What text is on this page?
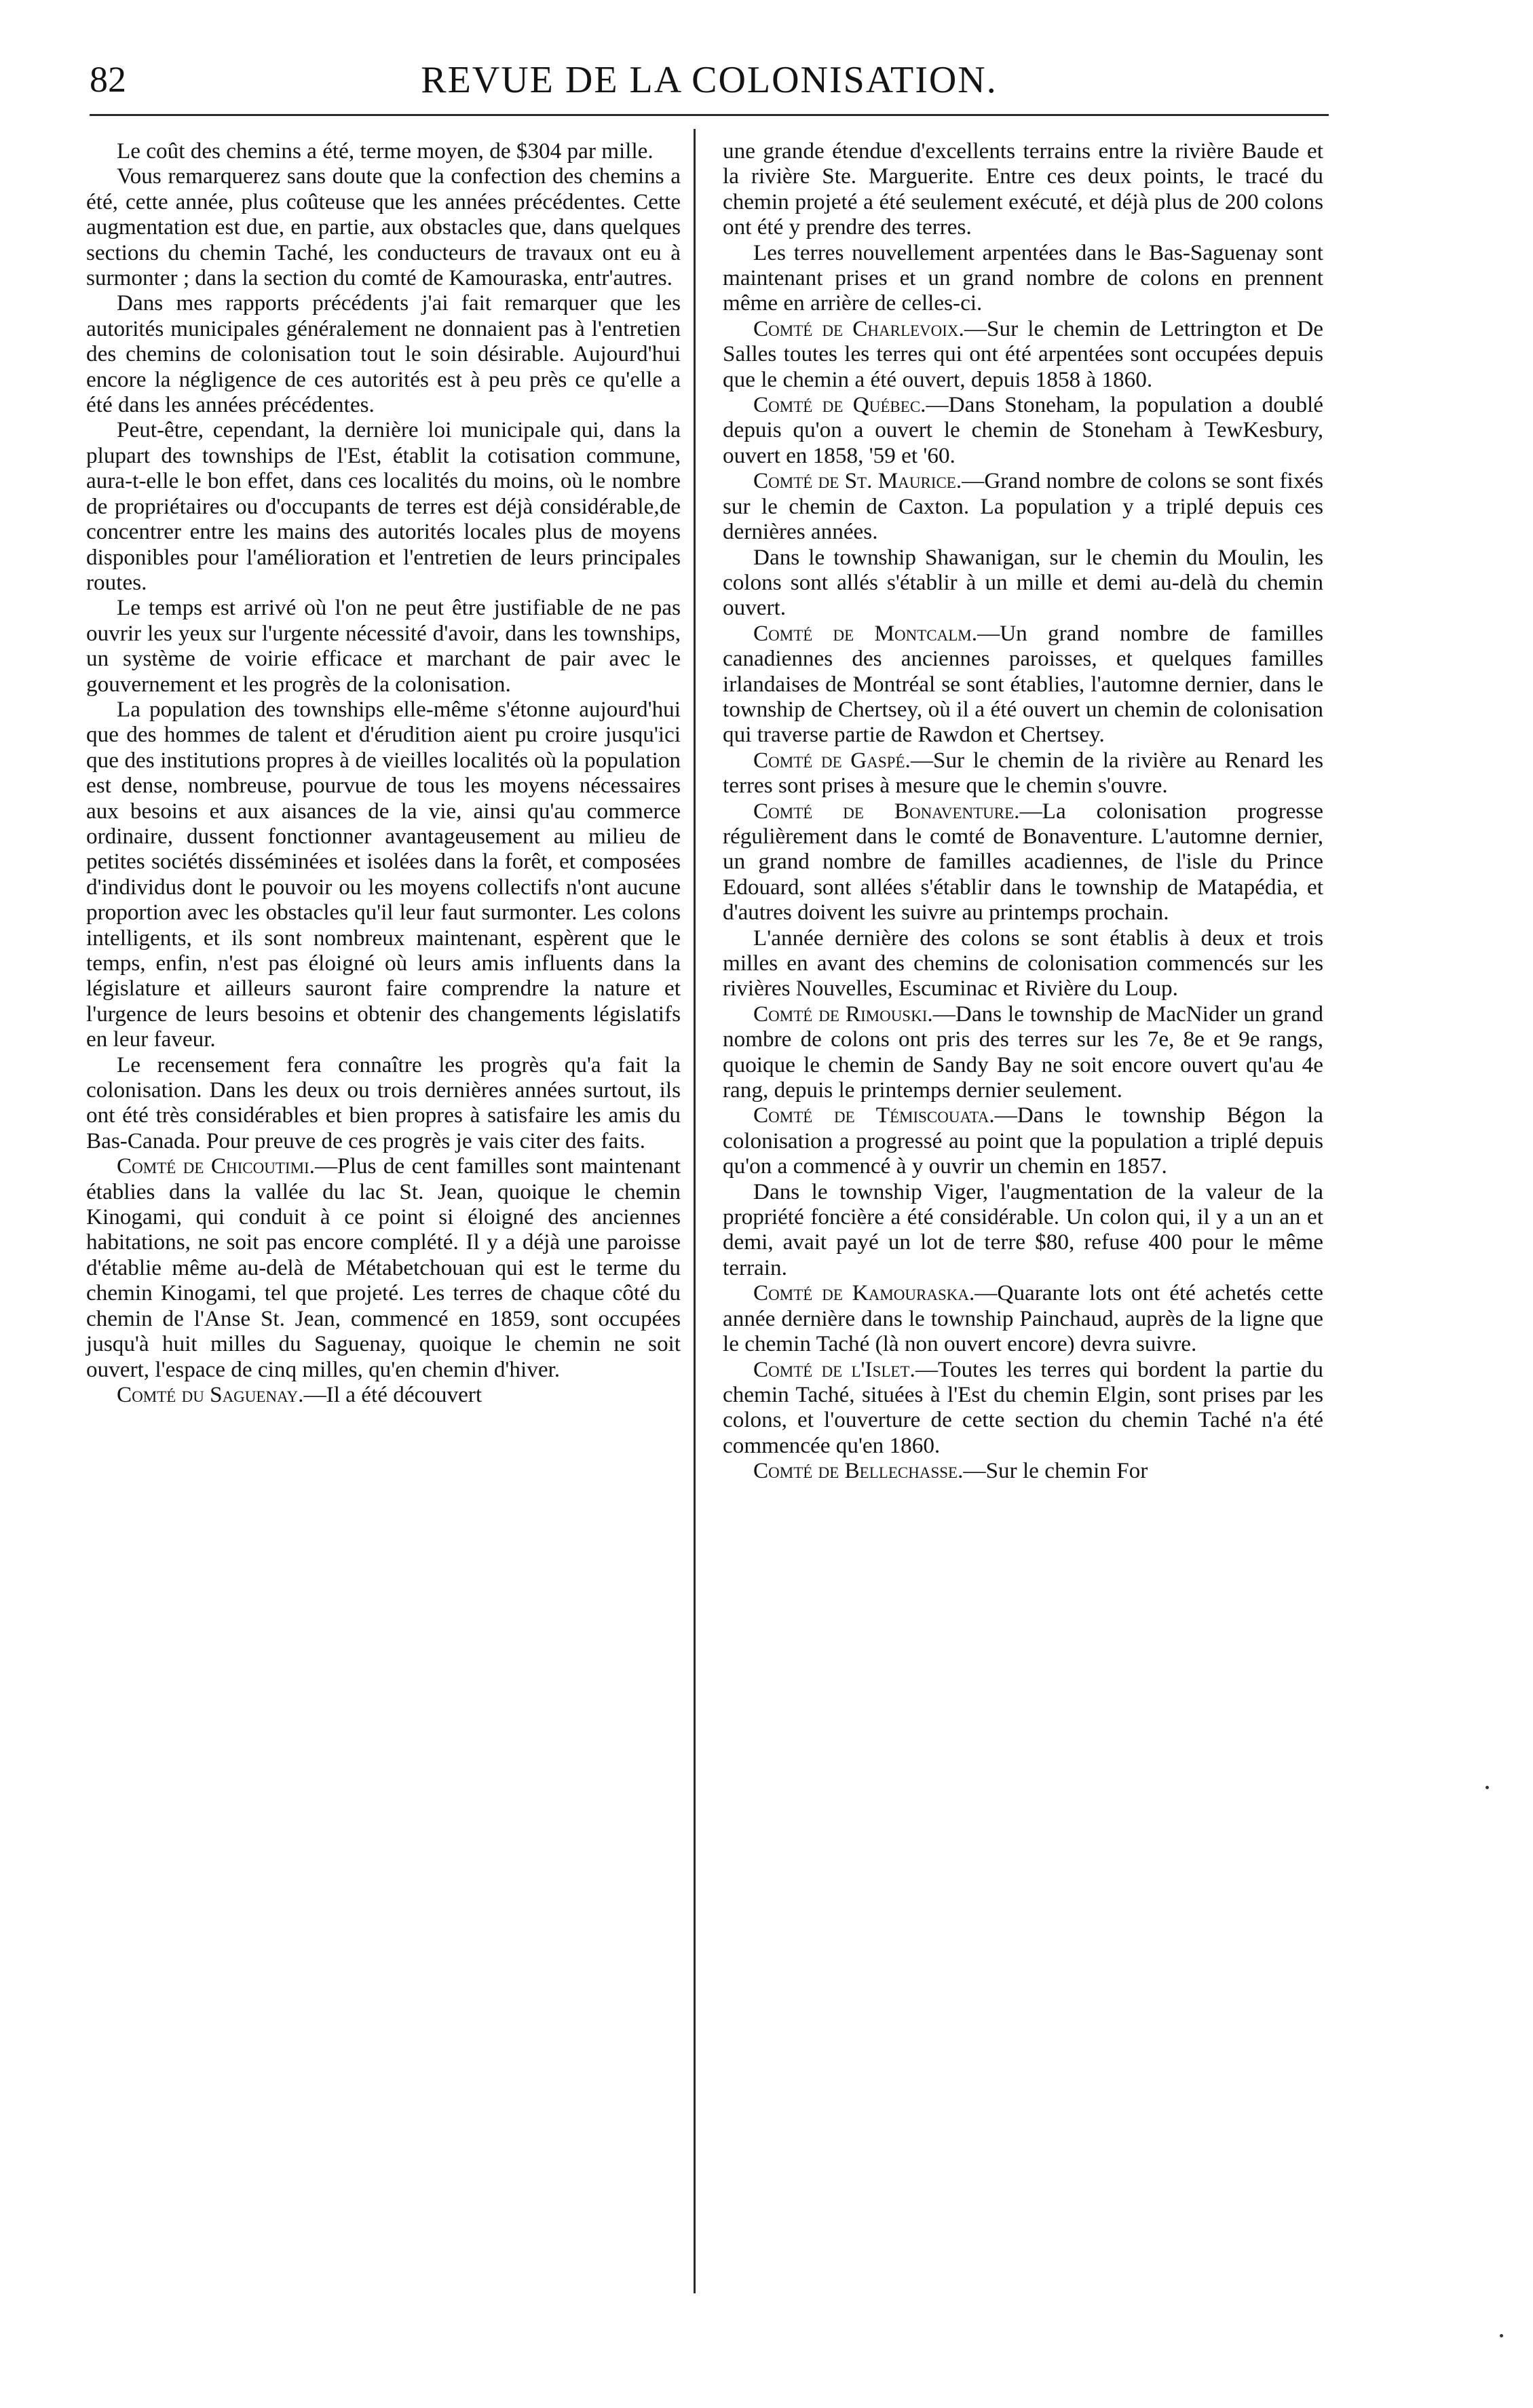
82	REVUE DE LA COLONISATION.

Le coût des chemins a été, terme moyen, de $304 par mille.

Vous remarquerez sans doute que la confection des chemins a été, cette année, plus coûteuse que les années précédentes. Cette augmentation est due, en partie, aux obstacles que, dans quelques sections du chemin Taché, les conducteurs de travaux ont eu à surmonter ; dans la section du comté de Kamouraska, entr'autres.

Dans mes rapports précédents j'ai fait remarquer que les autorités municipales généralement ne donnaient pas à l'entretien des chemins de colonisation tout le soin désirable. Aujourd'hui encore la négligence de ces autorités est à peu près ce qu'elle a été dans les années précédentes.

Peut-être, cependant, la dernière loi municipale qui, dans la plupart des townships de l'Est, établit la cotisation commune, aura-t-elle le bon effet, dans ces localités du moins, où le nombre de propriétaires ou d'occupants de terres est déjà considérable,de concentrer entre les mains des autorités locales plus de moyens disponibles pour l'amélioration et l'entretien de leurs principales routes.

Le temps est arrivé où l'on ne peut être justifiable de ne pas ouvrir les yeux sur l'urgente nécessité d'avoir, dans les townships, un système de voirie efficace et marchant de pair avec le gouvernement et les progrès de la colonisation.

La population des townships elle-même s'étonne aujourd'hui que des hommes de talent et d'érudition aient pu croire jusqu'ici que des institutions propres à de vieilles localités où la population est dense, nombreuse, pourvue de tous les moyens nécessaires aux besoins et aux aisances de la vie, ainsi qu'au commerce ordinaire, dussent fonctionner avantageusement au milieu de petites sociétés disséminées et isolées dans la forêt, et composées d'individus dont le pouvoir ou les moyens collectifs n'ont aucune proportion avec les obstacles qu'il leur faut surmonter. Les colons intelligents, et ils sont nombreux maintenant, espèrent que le temps, enfin, n'est pas éloigné où leurs amis influents dans la législature et ailleurs sauront faire comprendre la nature et l'urgence de leurs besoins et obtenir des changements législatifs en leur faveur.

Le recensement fera connaître les progrès qu'a fait la colonisation. Dans les deux ou trois dernières années surtout, ils ont été très considérables et bien propres à satisfaire les amis du Bas-Canada. Pour preuve de ces progrès je vais citer des faits.

Comté de Chicoutimi.—Plus de cent familles sont maintenant établies dans la vallée du lac St. Jean, quoique le chemin Kinogami, qui conduit à ce point si éloigné des anciennes habitations, ne soit pas encore complété. Il y a déjà une paroisse d'établie même au-delà de Métabetchouan qui est le terme du chemin Kinogami, tel que projeté. Les terres de chaque côté du chemin de l'Anse St. Jean, commencé en 1859, sont occupées jusqu'à huit milles du Saguenay, quoique le chemin ne soit ouvert, l'espace de cinq milles, qu'en chemin d'hiver.

Comté du Saguenay.—Il a été découvert

une grande étendue d'excellents terrains entre la rivière Baude et la rivière Ste. Marguerite. Entre ces deux points, le tracé du chemin projeté a été seulement exécuté, et déjà plus de 200 colons ont été y prendre des terres.

Les terres nouvellement arpentées dans le Bas-Saguenay sont maintenant prises et un grand nombre de colons en prennent même en arrière de celles-ci.

Comté de Charlevoix.—Sur le chemin de Lettrington et De Salles toutes les terres qui ont été arpentées sont occupées depuis que le chemin a été ouvert, depuis 1858 à 1860.

Comté de Québec.—Dans Stoneham, la population a doublé depuis qu'on a ouvert le chemin de Stoneham à TewKesbury, ouvert en 1858, '59 et '60.

Comté de St. Maurice.—Grand nombre de colons se sont fixés sur le chemin de Caxton. La population y a triplé depuis ces dernières années.

Dans le township Shawanigan, sur le chemin du Moulin, les colons sont allés s'établir à un mille et demi au-delà du chemin ouvert.

Comté de Montcalm.—Un grand nombre de familles canadiennes des anciennes paroisses, et quelques familles irlandaises de Montréal se sont établies, l'automne dernier, dans le township de Chertsey, où il a été ouvert un chemin de colonisation qui traverse partie de Rawdon et Chertsey.

Comté de Gaspé.—Sur le chemin de la rivière au Renard les terres sont prises à mesure que le chemin s'ouvre.

Comté de Bonaventure.—La colonisation progresse régulièrement dans le comté de Bonaventure. L'automne dernier, un grand nombre de familles acadiennes, de l'isle du Prince Edouard, sont allées s'établir dans le township de Matapédia, et d'autres doivent les suivre au printemps prochain.

L'année dernière des colons se sont établis à deux et trois milles en avant des chemins de colonisation commencés sur les rivières Nouvelles, Escuminac et Rivière du Loup.

Comté de Rimouski.—Dans le township de MacNider un grand nombre de colons ont pris des terres sur les 7e, 8e et 9e rangs, quoique le chemin de Sandy Bay ne soit encore ouvert qu'au 4e rang, depuis le printemps dernier seulement.

Comté de Témiscouata.—Dans le township Bégon la colonisation a progressé au point que la population a triplé depuis qu'on a commencé à y ouvrir un chemin en 1857.

Dans le township Viger, l'augmentation de la valeur de la propriété foncière a été considérable. Un colon qui, il y a un an et demi, avait payé un lot de terre $80, refuse 400 pour le même terrain.

Comté de Kamouraska.—Quarante lots ont été achetés cette année dernière dans le township Painchaud, auprès de la ligne que le chemin Taché (là non ouvert encore) devra suivre.

Comté de l'Islet.—Toutes les terres qui bordent la partie du chemin Taché, situées à l'Est du chemin Elgin, sont prises par les colons, et l'ouverture de cette section du chemin Taché n'a été commencée qu'en 1860.

Comté de Bellechasse.—Sur le chemin For
